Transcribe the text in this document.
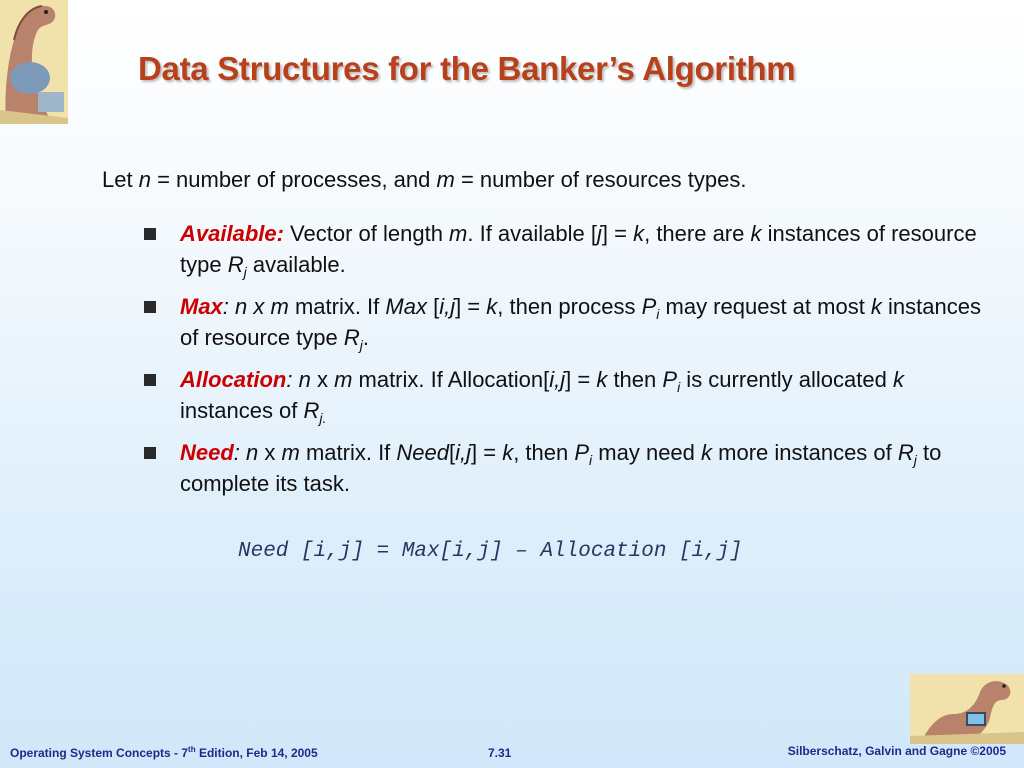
Data Structures for the Banker’s Algorithm
Let n = number of processes, and m = number of resources types.
Available: Vector of length m. If available [j] = k, there are k instances of resource type $R_j$ available.
Max: n x m matrix. If Max [i,j] = k, then process $P_i$ may request at most k instances of resource type $R_j$.
Allocation: n x m matrix. If Allocation[i,j] = k then $P_i$ is currently allocated k instances of $R_{j.}$
Need: n x m matrix. If Need[i,j] = k, then $P_i$ may need k more instances of $R_j$ to complete its task.
Need [i,j] = Max[i,j] – Allocation [i,j]
Operating System Concepts - 7th Edition, Feb 14, 2005	7.31	Silberschatz, Galvin and Gagne ©2005
